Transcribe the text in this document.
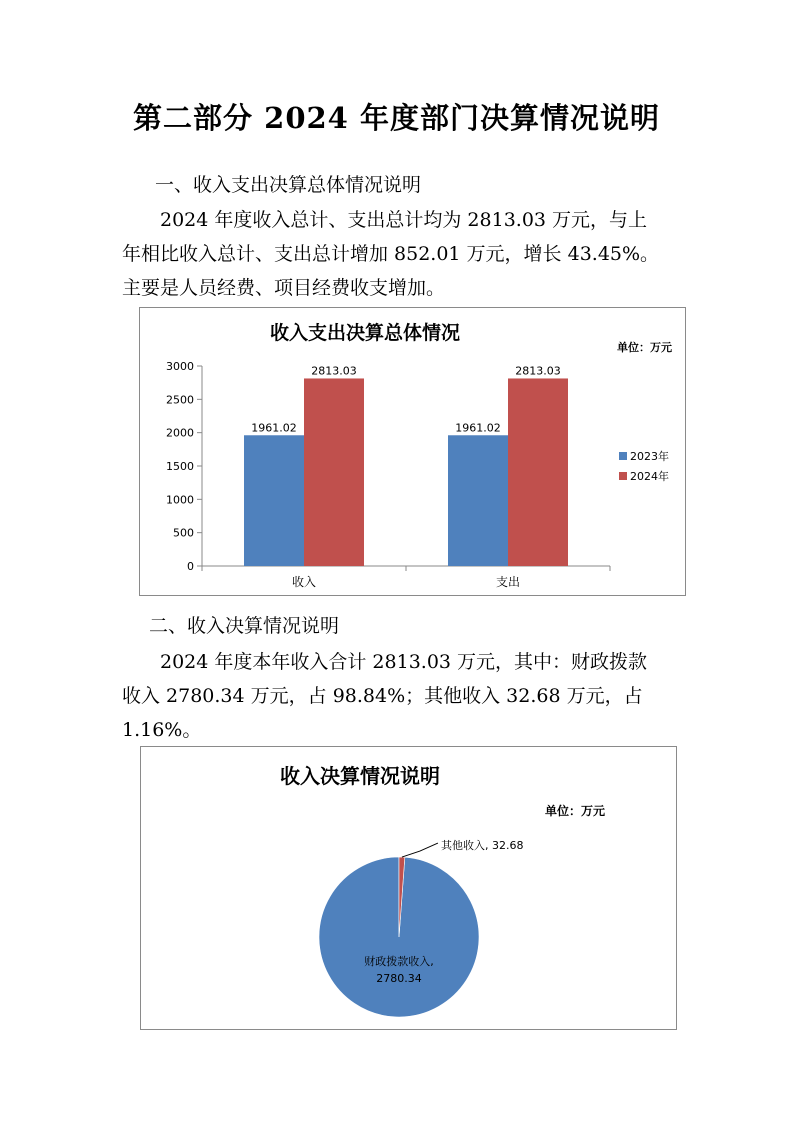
第二部分 2024 年度部门决算情况说明
一、收入支出决算总体情况说明

2024 年度收入总计、支出总计均为 2813.03 万元，与上

年相比收入总计、支出总计增加 852.01 万元，增长 43.45%。

主要是人员经费、项目经费收支增加。

收入支出决算总体情况
单位：万元
0
500
1000
1500
2000
2500
3000
1961.02
2813.03
收入
1961.02
2813.03
支出
2023年
2024年
二、收入决算情况说明

2024 年度本年收入合计 2813.03 万元，其中：财政拨款

收入 2780.34 万元，占 98.84%；其他收入 32.68 万元，占

1.16%。

收入决算情况说明
单位：万元
财政拨款收入,
2780.34
其他收入, 32.68
